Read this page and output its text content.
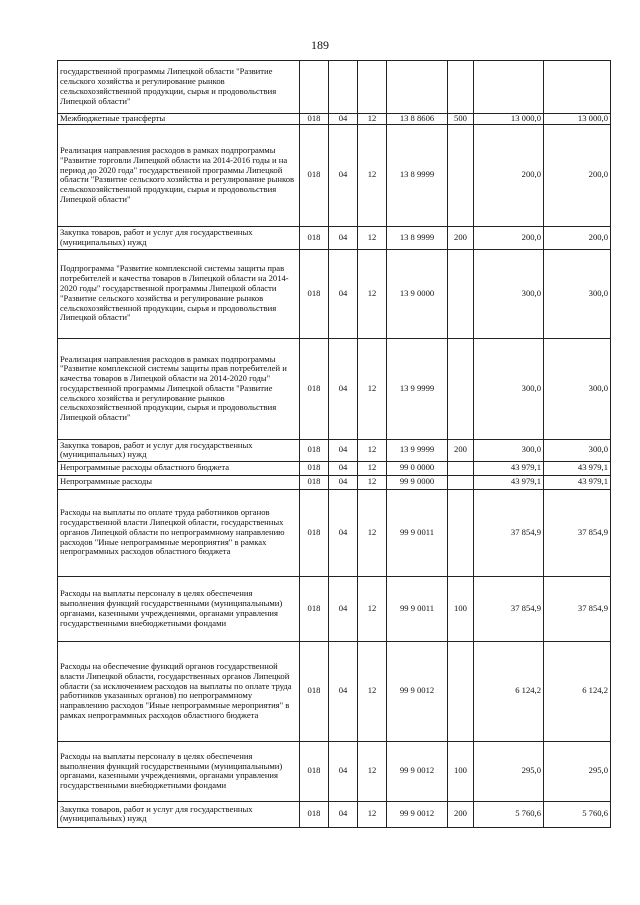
189
государственной программы Липецкой области "Развитие сельского хозяйства и регулирование рынков сельскохозяйственной продукции, сырья и продовольствия Липецкой области"							
Межбюджетные трансферты	018	04	12	13 8 8606	500	13 000,0	13 000,0
Реализация направления расходов в рамках подпрограммы "Развитие торговли Липецкой области на 2014-2016 годы и на период до 2020 года" государственной программы Липецкой области "Развитие сельского хозяйства и регулирование рынков сельскохозяйственной продукции, сырья и продовольствия Липецкой области"	018	04	12	13 8 9999		200,0	200,0
Закупка товаров, работ и услуг для государственных (муниципальных) нужд	018	04	12	13 8 9999	200	200,0	200,0
Подпрограмма "Развитие комплексной системы защиты прав потребителей и качества товаров в Липецкой области на 2014-2020 годы" государственной программы Липецкой области "Развитие сельского хозяйства и регулирование рынков сельскохозяйственной продукции, сырья и продовольствия Липецкой области"	018	04	12	13 9 0000		300,0	300,0
Реализация направления расходов в рамках подпрограммы "Развитие комплексной системы защиты прав потребителей и качества товаров в Липецкой области на 2014-2020 годы" государственной программы Липецкой области "Развитие сельского хозяйства и регулирование рынков сельскохозяйственной продукции, сырья и продовольствия Липецкой области"	018	04	12	13 9 9999		300,0	300,0
Закупка товаров, работ и услуг для государственных (муниципальных) нужд	018	04	12	13 9 9999	200	300,0	300,0
Непрограммные расходы областного бюджета	018	04	12	99 0 0000		43 979,1	43 979,1
Непрограммные расходы	018	04	12	99 9 0000		43 979,1	43 979,1
Расходы на выплаты по оплате труда работников органов государственной власти Липецкой области, государственных органов Липецкой области по непрограммному направлению расходов "Иные непрограммные мероприятия" в рамках непрограммных расходов областного бюджета	018	04	12	99 9 0011		37 854,9	37 854,9
Расходы на выплаты персоналу в целях обеспечения выполнения функций государственными (муниципальными) органами, казенными учреждениями, органами управления государственными внебюджетными фондами	018	04	12	99 9 0011	100	37 854,9	37 854,9
Расходы на обеспечение функций органов государственной власти Липецкой области, государственных органов Липецкой области (за исключением расходов на выплаты по оплате труда работников указанных органов) по непрограммному направлению расходов "Иные непрограммные мероприятия" в рамках непрограммных расходов областного бюджета	018	04	12	99 9 0012		6 124,2	6 124,2
Расходы на выплаты персоналу в целях обеспечения выполнения функций государственными (муниципальными) органами, казенными учреждениями, органами управления государственными внебюджетными фондами	018	04	12	99 9 0012	100	295,0	295,0
Закупка товаров, работ и услуг для государственных (муниципальных) нужд	018	04	12	99 9 0012	200	5 760,6	5 760,6
